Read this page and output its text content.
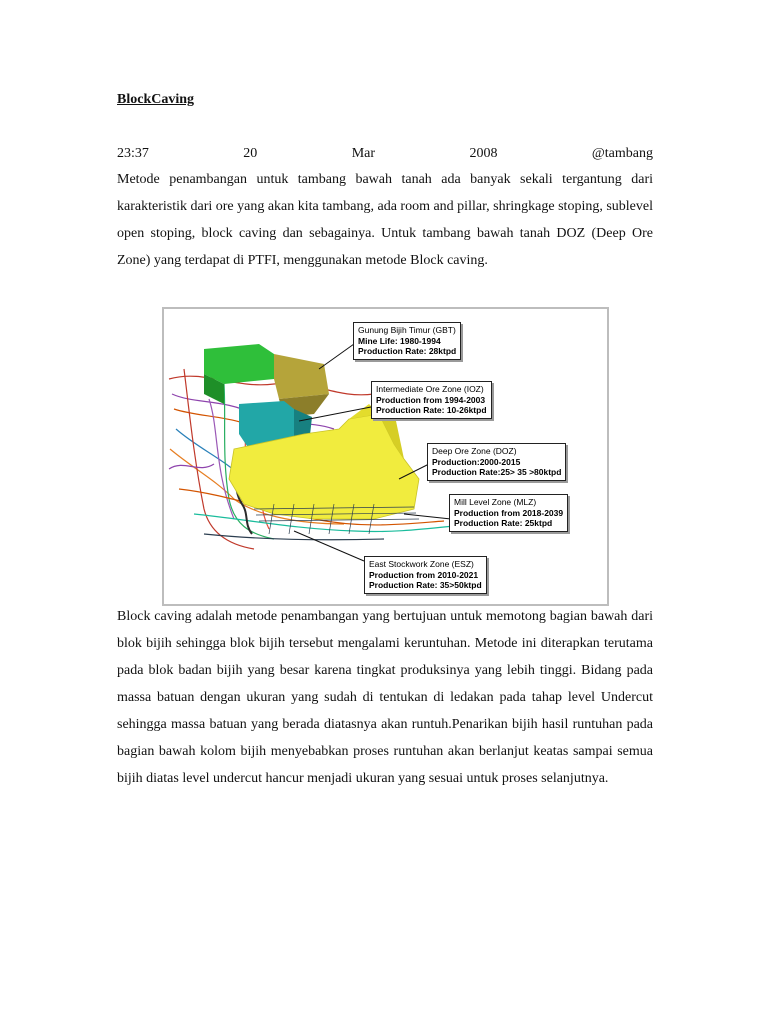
BlockCaving
23:37	20	Mar	2008	@tambang

Metode penambangan untuk tambang bawah tanah ada banyak sekali tergantung dari karakteristik dari ore yang akan kita tambang, ada room and pillar, shringkage stoping, sublevel open stoping, block caving dan sebagainya. Untuk tambang bawah tanah DOZ (Deep Ore Zone) yang terdapat di PTFI, menggunakan metode Block caving.

Gunung Bijih Timur (GBT)
Mine Life: 1980-1994
Production Rate: 28ktpd
Intermediate Ore Zone (IOZ)
Production from 1994-2003
Production Rate: 10-26ktpd
Deep Ore Zone (DOZ)
Production:2000-2015
Production Rate:25> 35 >80ktpd
Mill Level Zone (MLZ)
Production from 2018-2039
Production Rate: 25ktpd
East Stockwork Zone (ESZ)
Production from 2010-2021
Production Rate: 35>50ktpd

Block caving adalah metode penambangan yang bertujuan untuk memotong bagian bawah dari blok bijih sehingga blok bijih tersebut mengalami keruntuhan. Metode ini diterapkan terutama pada blok badan bijih yang besar karena tingkat produksinya yang lebih tinggi. Bidang pada massa batuan dengan ukuran yang sudah di tentukan di ledakan pada tahap level Undercut sehingga massa batuan yang berada diatasnya akan runtuh.Penarikan bijih hasil runtuhan pada bagian bawah kolom bijih menyebabkan proses runtuhan akan berlanjut keatas sampai semua bijih diatas level undercut hancur menjadi ukuran yang sesuai untuk proses selanjutnya.
